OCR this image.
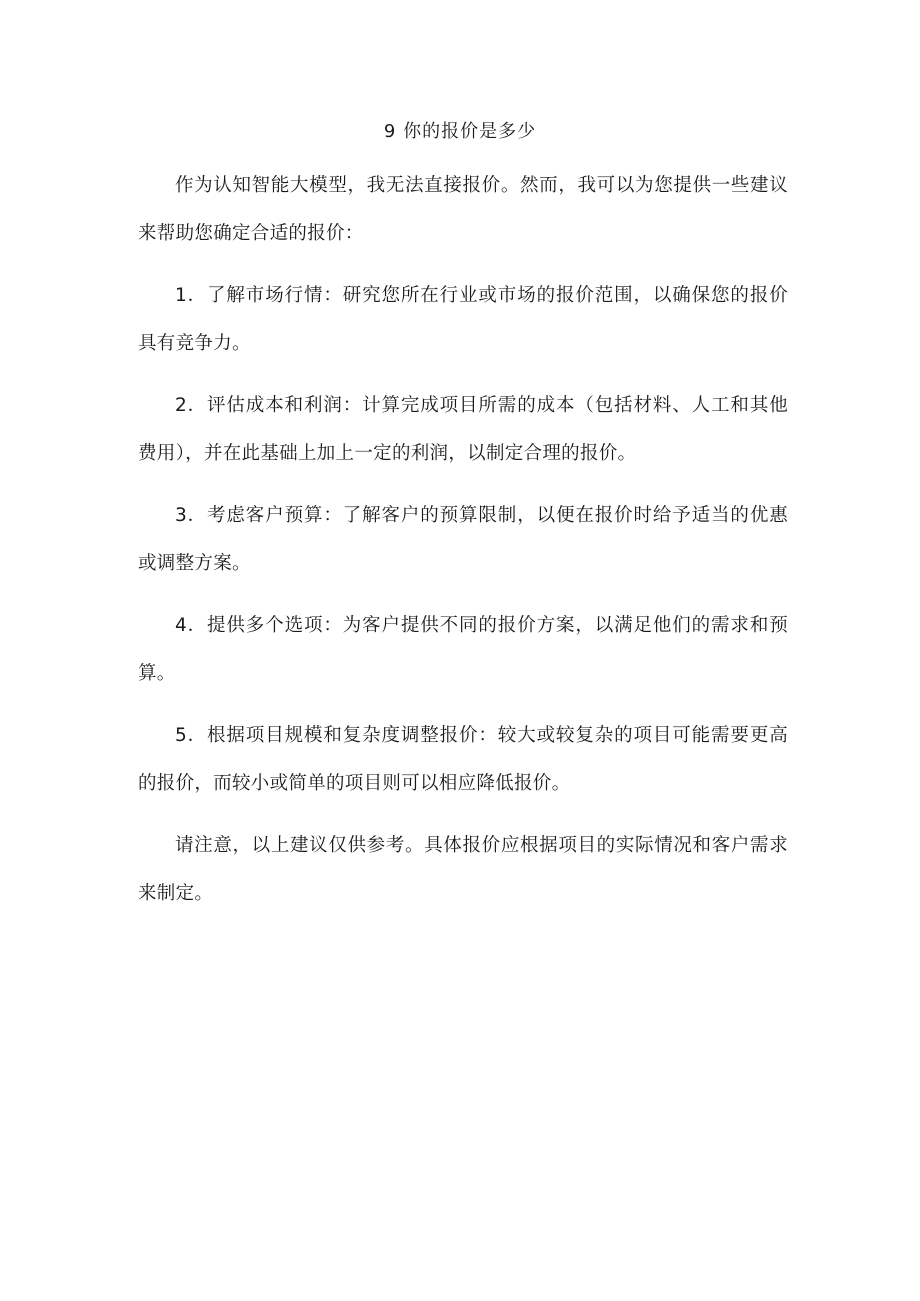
9 你的报价是多少

作为认知智能大模型，我无法直接报价。然而，我可以为您提供一些建议来帮助您确定合适的报价：

1．了解市场行情：研究您所在行业或市场的报价范围，以确保您的报价具有竞争力。

2．评估成本和利润：计算完成项目所需的成本（包括材料、人工和其他费用），并在此基础上加上一定的利润，以制定合理的报价。

3．考虑客户预算：了解客户的预算限制，以便在报价时给予适当的优惠或调整方案。

4．提供多个选项：为客户提供不同的报价方案，以满足他们的需求和预算。

5．根据项目规模和复杂度调整报价：较大或较复杂的项目可能需要更高的报价，而较小或简单的项目则可以相应降低报价。

请注意，以上建议仅供参考。具体报价应根据项目的实际情况和客户需求来制定。
